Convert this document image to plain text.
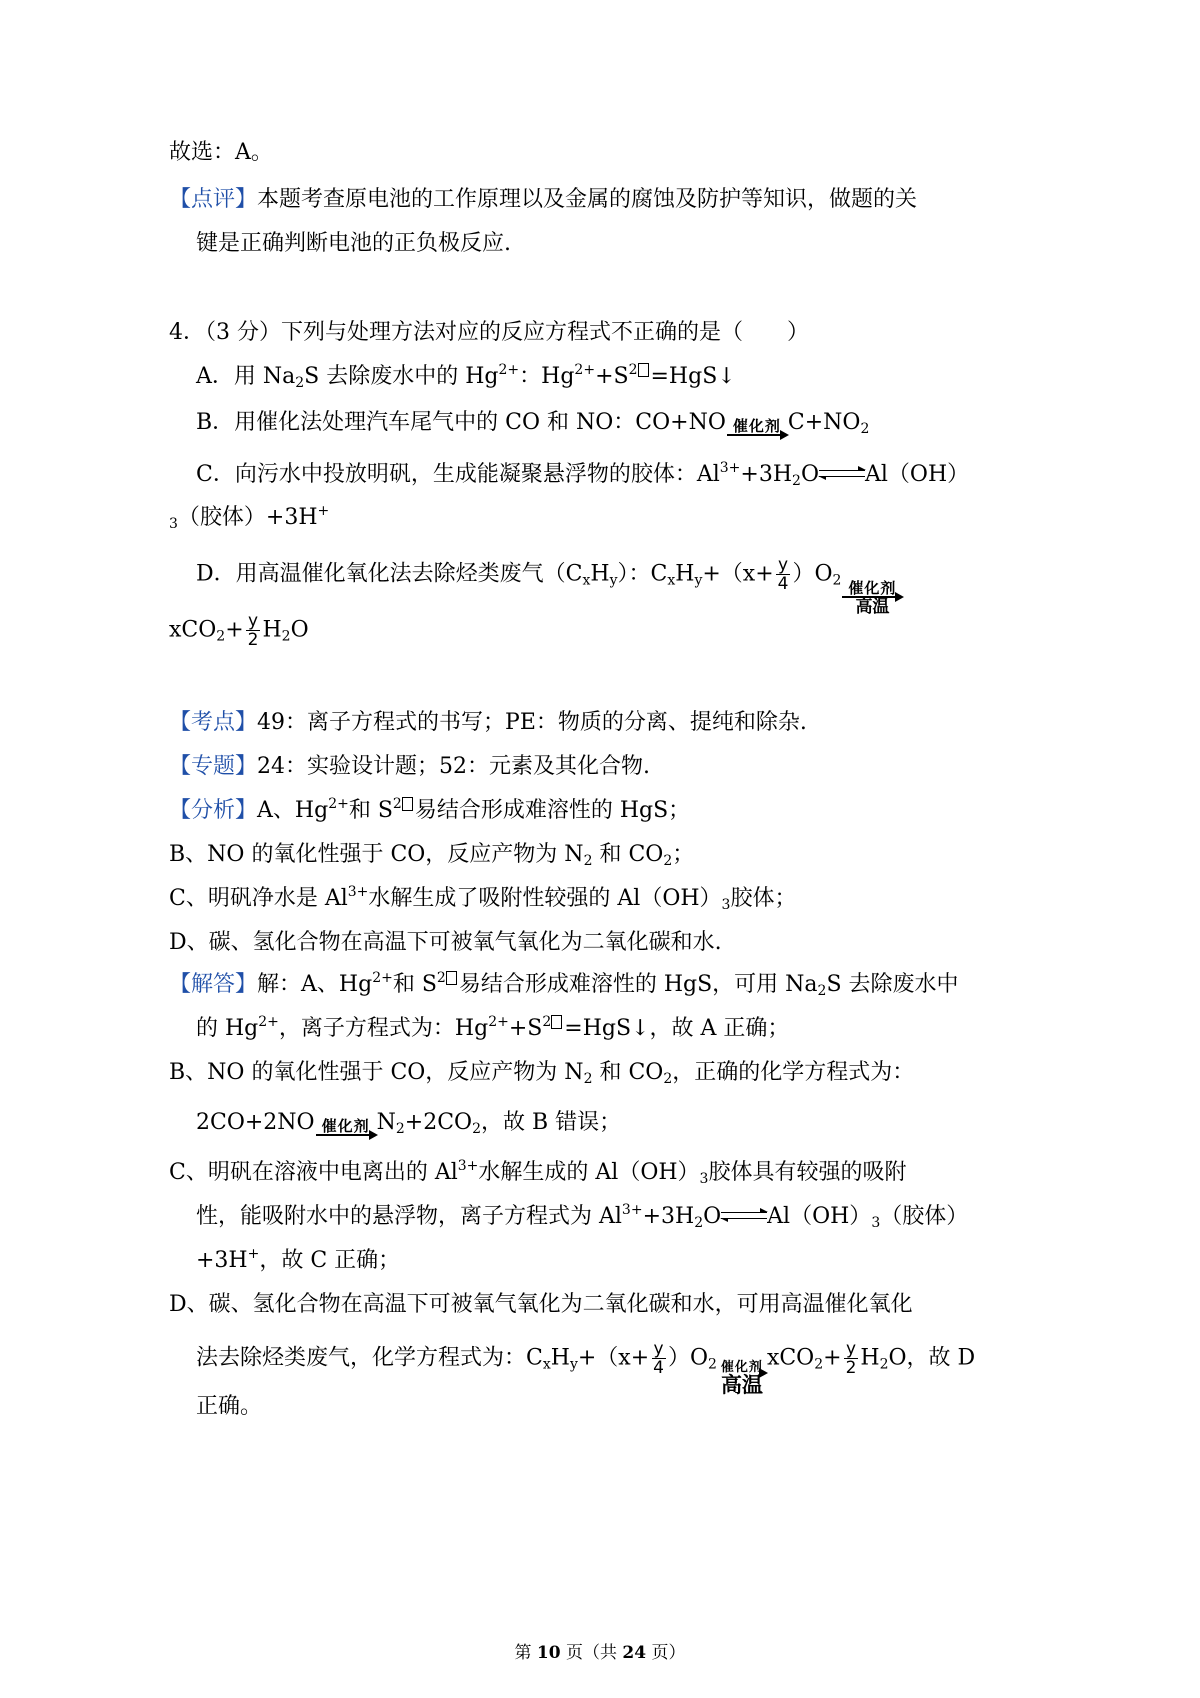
故选：A。
【点评】本题考查原电池的工作原理以及金属的腐蚀及防护等知识，做题的关
键是正确判断电池的正负极反应.
4．（3 分）下列与处理方法对应的反应方程式不正确的是（　　）
A．用 $Na_2S$ 去除废水中的 $Hg^{2+}$：$Hg^{2+}+S^2$ =HgS↓
B．用催化法处理汽车尾气中的 CO 和 NO：CO+NO 催化剂 $C+NO_2$
C．向污水中投放明矾，生成能凝聚悬浮物的胶体：$Al^{3+}+3H_2O\rightleftharpoons Al(OH)$
$_3$（胶体）+3H+
D．用高温催化氧化法去除烃类废气$(C_xH_y)$：$C_xH_y+(x+ \frac{y}{4} )O_2$ 催化剂
高温
$xCO_2+ \frac{y}{2} H_2O$
【考点】49：离子方程式的书写；PE：物质的分离、提纯和除杂.
【专题】24：实验设计题；52：元素及其化合物.
【分析】A、$Hg^{2+}$和 $S^2$ 易结合形成难溶性的 HgS；
B、NO 的氧化性强于 CO，反应产物为 $N_2$ 和 $CO_2$；
C、明矾净水是 $Al^{3+}$水解生成了吸附性较强的 $Al(OH)_3$胶体；
D、碳、氢化合物在高温下可被氧气氧化为二氧化碳和水.
【解答】解：A、$Hg^{2+}$和 $S^2$ 易结合形成难溶性的 HgS，可用 $Na_2S$ 去除废水中
的 $Hg^{2+}$，离子方程式为：$Hg^{2+}+S^2$ =HgS↓，故 A 正确；
B、NO 的氧化性强于 CO，反应产物为 $N_2$ 和 $CO_2$，正确的化学方程式为：
2CO+2NO 催化剂 $N_2+2CO_2$，故 B 错误；
C、明矾在溶液中电离出的 $Al^{3+}$水解生成的 $Al(OH)_3$胶体具有较强的吸附
性，能吸附水中的悬浮物，离子方程式为 $Al^{3+}+3H_2O\rightleftharpoons Al(OH)_3$（胶体）
+3H+，故 C 正确；
D、碳、氢化合物在高温下可被氧气氧化为二氧化碳和水，可用高温催化氧化
法去除烃类废气，化学方程式为：$C_xH_y+(x+ \frac{y}{4} )O_2$ 催化剂
高温
$xCO_2+ \frac{y}{2} H_2O$，故 D
正确。
第 10 页（共 24 页）
